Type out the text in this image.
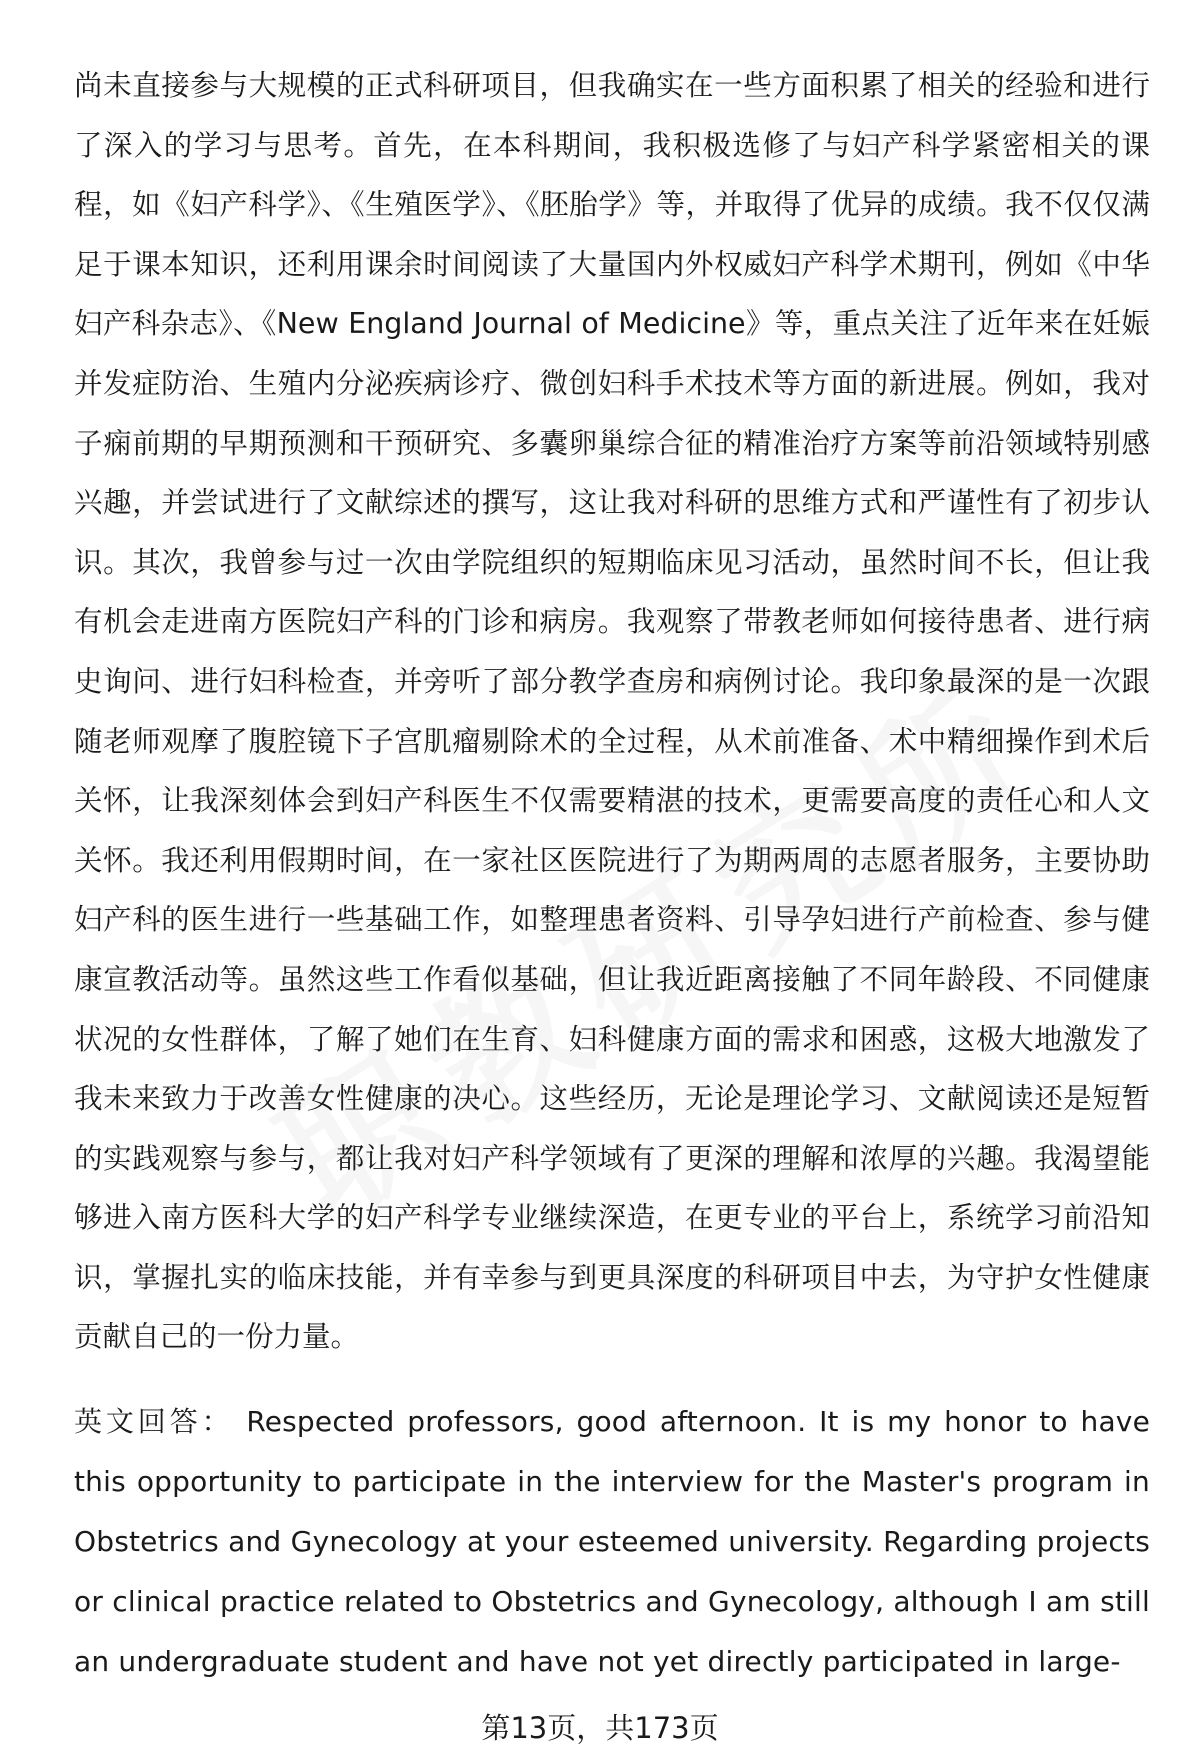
尚未直接参与大规模的正式科研项目，但我确实在一些方面积累了相关的经验和进行了深入的学习与思考。首先，在本科期间，我积极选修了与妇产科学紧密相关的课程，如《妇产科学》、《生殖医学》、《胚胎学》等，并取得了优异的成绩。我不仅仅满足于课本知识，还利用课余时间阅读了大量国内外权威妇产科学术期刊，例如《中华妇产科杂志》、《New England Journal of Medicine》等，重点关注了近年来在妊娠并发症防治、生殖内分泌疾病诊疗、微创妇科手术技术等方面的新进展。例如，我对子痫前期的早期预测和干预研究、多囊卵巢综合征的精准治疗方案等前沿领域特别感兴趣，并尝试进行了文献综述的撰写，这让我对科研的思维方式和严谨性有了初步认识。其次，我曾参与过一次由学院组织的短期临床见习活动，虽然时间不长，但让我有机会走进南方医院妇产科的门诊和病房。我观察了带教老师如何接待患者、进行病史询问、进行妇科检查，并旁听了部分教学查房和病例讨论。我印象最深的是一次跟随老师观摩了腹腔镜下子宫肌瘤剔除术的全过程，从术前准备、术中精细操作到术后关怀，让我深刻体会到妇产科医生不仅需要精湛的技术，更需要高度的责任心和人文关怀。我还利用假期时间，在一家社区医院进行了为期两周的志愿者服务，主要协助妇产科的医生进行一些基础工作，如整理患者资料、引导孕妇进行产前检查、参与健康宣教活动等。虽然这些工作看似基础，但让我近距离接触了不同年龄段、不同健康状况的女性群体，了解了她们在生育、妇科健康方面的需求和困惑，这极大地激发了我未来致力于改善女性健康的决心。这些经历，无论是理论学习、文献阅读还是短暂的实践观察与参与，都让我对妇产科学领域有了更深的理解和浓厚的兴趣。我渴望能够进入南方医科大学的妇产科学专业继续深造，在更专业的平台上，系统学习前沿知识，掌握扎实的临床技能，并有幸参与到更具深度的科研项目中去，为守护女性健康贡献自己的一份力量。

英文回答： Respected professors, good afternoon. It is my honor to have this opportunity to participate in the interview for the Master's program in Obstetrics and Gynecology at your esteemed university. Regarding projects or clinical practice related to Obstetrics and Gynecology, although I am still an undergraduate student and have not yet directly participated in large-

第13页，共173页
